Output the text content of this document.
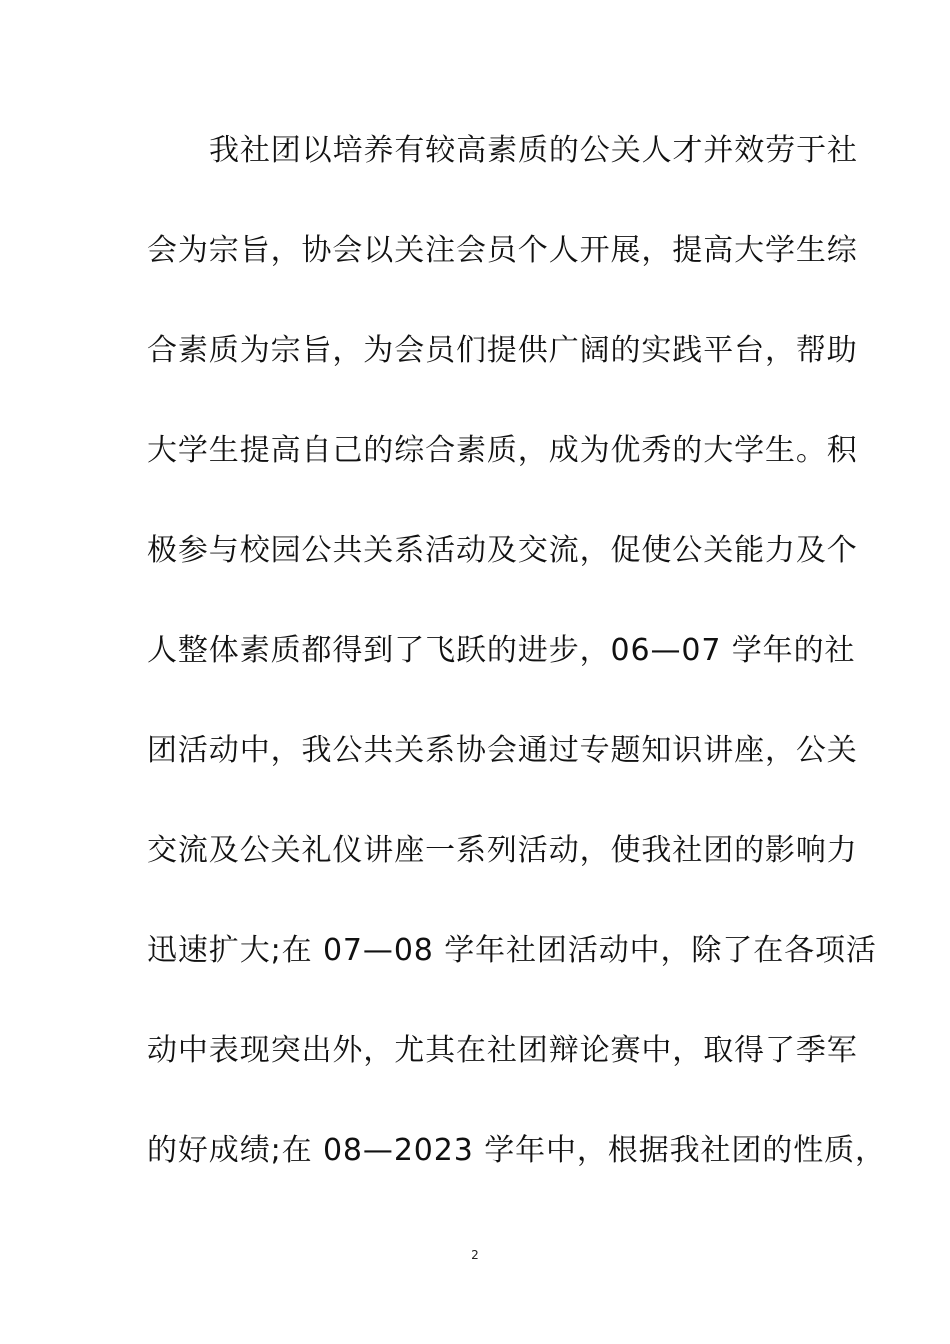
我社团以培养有较高素质的公关人才并效劳于社
会为宗旨，协会以关注会员个人开展，提高大学生综
合素质为宗旨，为会员们提供广阔的实践平台，帮助
大学生提高自己的综合素质，成为优秀的大学生。积
极参与校园公共关系活动及交流，促使公关能力及个
人整体素质都得到了飞跃的进步，06—07 学年的社
团活动中，我公共关系协会通过专题知识讲座，公关
交流及公关礼仪讲座一系列活动，使我社团的影响力
迅速扩大;在 07—08 学年社团活动中，除了在各项活
动中表现突出外，尤其在社团辩论赛中，取得了季军
的好成绩;在 08—2023 学年中，根据我社团的性质，
2
